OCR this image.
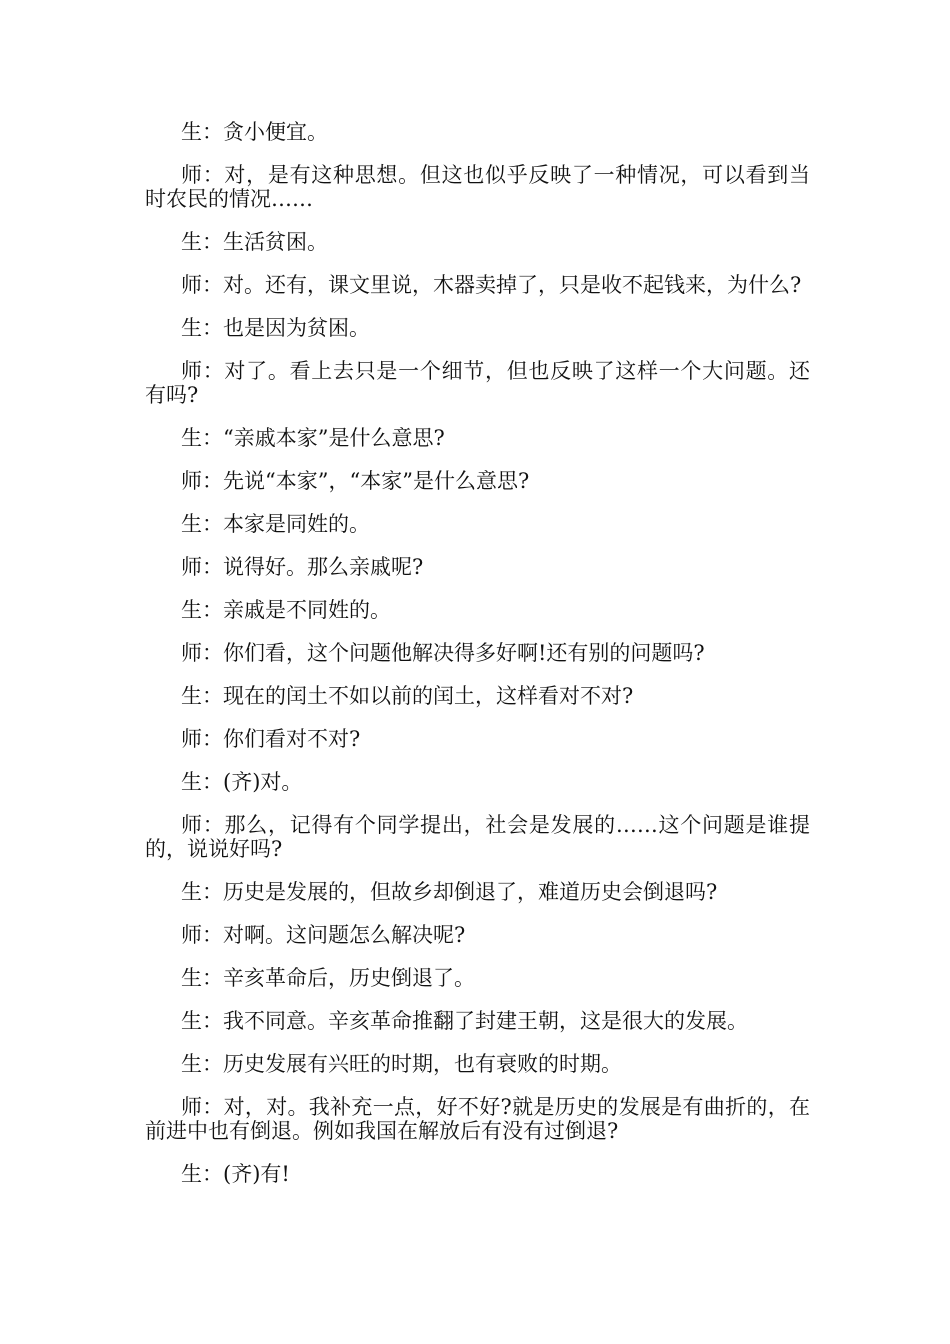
生：贪小便宜。

师：对，是有这种思想。但这也似乎反映了一种情况，可以看到当时农民的情况……

生：生活贫困。

师：对。还有，课文里说，木器卖掉了，只是收不起钱来，为什么?

生：也是因为贫困。

师：对了。看上去只是一个细节，但也反映了这样一个大问题。还有吗?

生：“亲戚本家”是什么意思?

师：先说“本家”，“本家”是什么意思?

生：本家是同姓的。

师：说得好。那么亲戚呢?

生：亲戚是不同姓的。

师：你们看，这个问题他解决得多好啊!还有别的问题吗?

生：现在的闰土不如以前的闰土，这样看对不对?

师：你们看对不对?

生：(齐)对。

师：那么，记得有个同学提出，社会是发展的……这个问题是谁提的，说说好吗?

生：历史是发展的，但故乡却倒退了，难道历史会倒退吗?

师：对啊。这问题怎么解决呢?

生：辛亥革命后，历史倒退了。

生：我不同意。辛亥革命推翻了封建王朝，这是很大的发展。

生：历史发展有兴旺的时期，也有衰败的时期。

师：对，对。我补充一点，好不好?就是历史的发展是有曲折的，在前进中也有倒退。例如我国在解放后有没有过倒退?

生：(齐)有!
